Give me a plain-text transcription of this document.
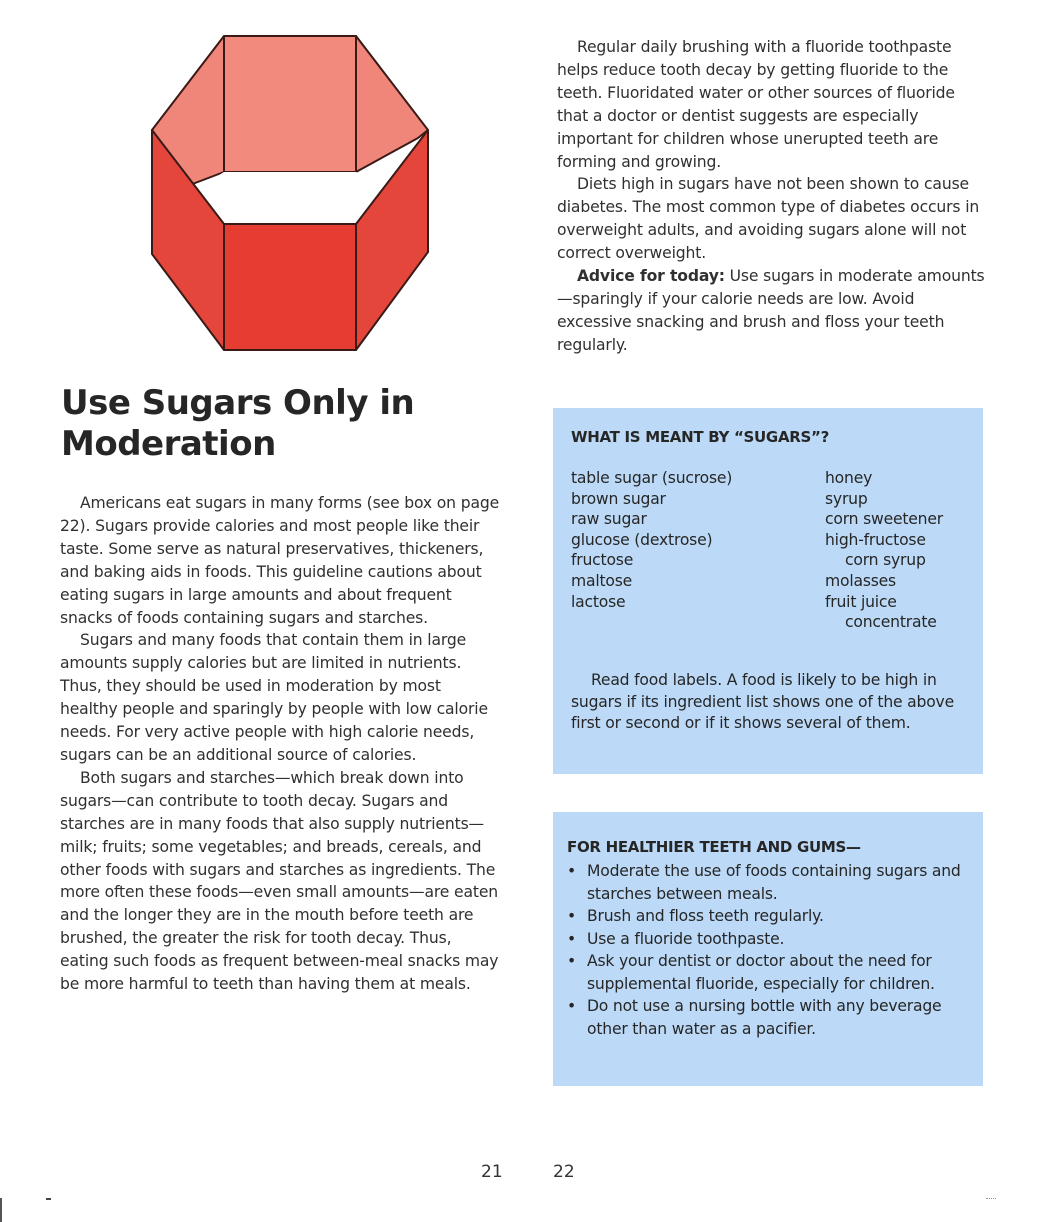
Use Sugars Only in Moderation

Americans eat sugars in many forms (see box on page 22). Sugars provide calories and most people like their taste. Some serve as natural preservatives, thickeners, and baking aids in foods. This guideline cautions about eating sugars in large amounts and about frequent snacks of foods containing sugars and starches.

Sugars and many foods that contain them in large amounts supply calories but are limited in nutrients. Thus, they should be used in moderation by most healthy people and sparingly by people with low calorie needs. For very active people with high calorie needs, sugars can be an additional source of calories.

Both sugars and starches—which break down into sugars—can contribute to tooth decay. Sugars and starches are in many foods that also supply nutrients—milk; fruits; some vegetables; and breads, cereals, and other foods with sugars and starches as ingredients. The more often these foods—even small amounts—are eaten and the longer they are in the mouth before teeth are brushed, the greater the risk for tooth decay. Thus, eating such foods as frequent between-meal snacks may be more harmful to teeth than having them at meals.

Regular daily brushing with a fluoride toothpaste helps reduce tooth decay by getting fluoride to the teeth. Fluoridated water or other sources of fluoride that a doctor or dentist suggests are especially important for children whose unerupted teeth are forming and growing.

Diets high in sugars have not been shown to cause diabetes. The most common type of diabetes occurs in overweight adults, and avoiding sugars alone will not correct overweight.

Advice for today: Use sugars in moderate amounts—sparingly if your calorie needs are low. Avoid excessive snacking and brush and floss your teeth regularly.

WHAT IS MEANT BY “SUGARS”?
table sugar (sucrose)
brown sugar
raw sugar
glucose (dextrose)
fructose
maltose
lactose
honey
syrup
corn sweetener
high-fructose
corn syrup
molasses
fruit juice
concentrate

Read food labels. A food is likely to be high in sugars if its ingredient list shows one of the above first or second or if it shows several of them.

FOR HEALTHIER TEETH AND GUMS—
• Moderate the use of foods containing sugars and starches between meals.
• Brush and floss teeth regularly.
• Use a fluoride toothpaste.
• Ask your dentist or doctor about the need for supplemental fluoride, especially for children.
• Do not use a nursing bottle with any beverage other than water as a pacifier.
21	22
